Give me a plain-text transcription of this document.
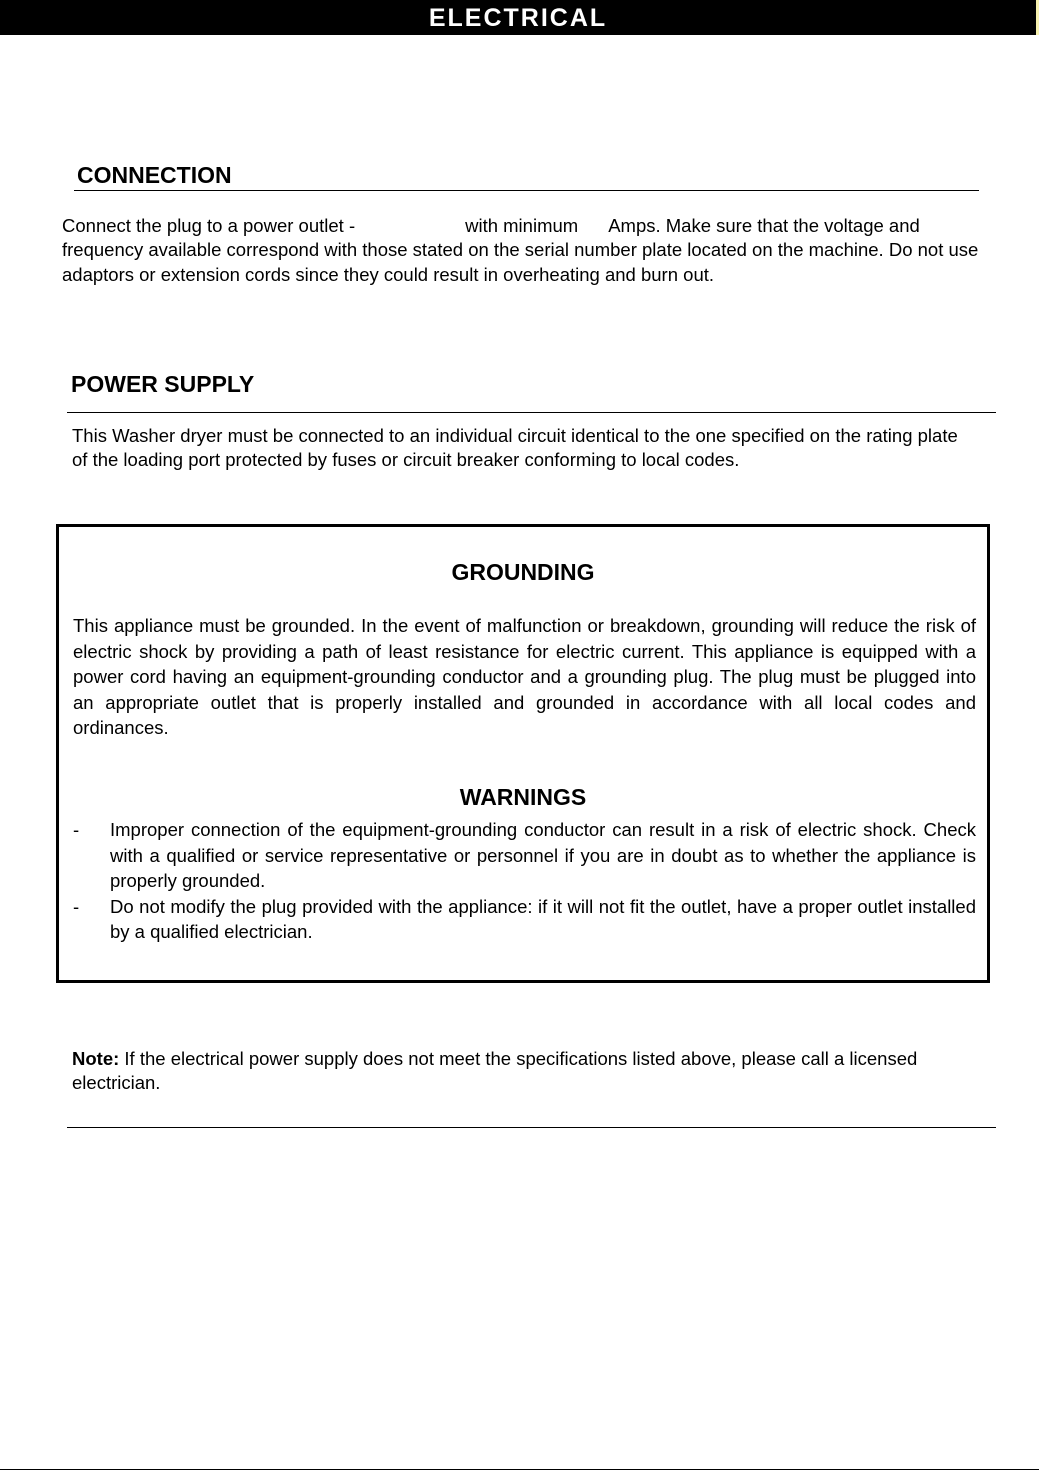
ELECTRICAL
CONNECTION

Connect the plug to a power outlet -	with minimum Amps. Make sure that the voltage and frequency available correspond with those stated on the serial number plate located on the machine. Do not use adaptors or extension cords since they could result in overheating and burn out.

POWER SUPPLY

This Washer dryer must be connected to an individual circuit identical to the one specified on the rating plate of the loading port protected by fuses or circuit breaker conforming to local codes.

GROUNDING

This appliance must be grounded. In the event of malfunction or breakdown, grounding will reduce the risk of electric shock by providing a path of least resistance for electric current. This appliance is equipped with a power cord having an equipment-grounding conductor and a grounding plug. The plug must be plugged into an appropriate outlet that is properly installed and grounded in accordance with all local codes and ordinances.

WARNINGS
- Improper connection of the equipment-grounding conductor can result in a risk of electric shock. Check with a qualified or service representative or personnel if you are in doubt as to whether the appliance is properly grounded.
- Do not modify the plug provided with the appliance: if it will not fit the outlet, have a proper outlet installed by a qualified electrician.

Note: If the electrical power supply does not meet the specifications listed above, please call a licensed electrician.
